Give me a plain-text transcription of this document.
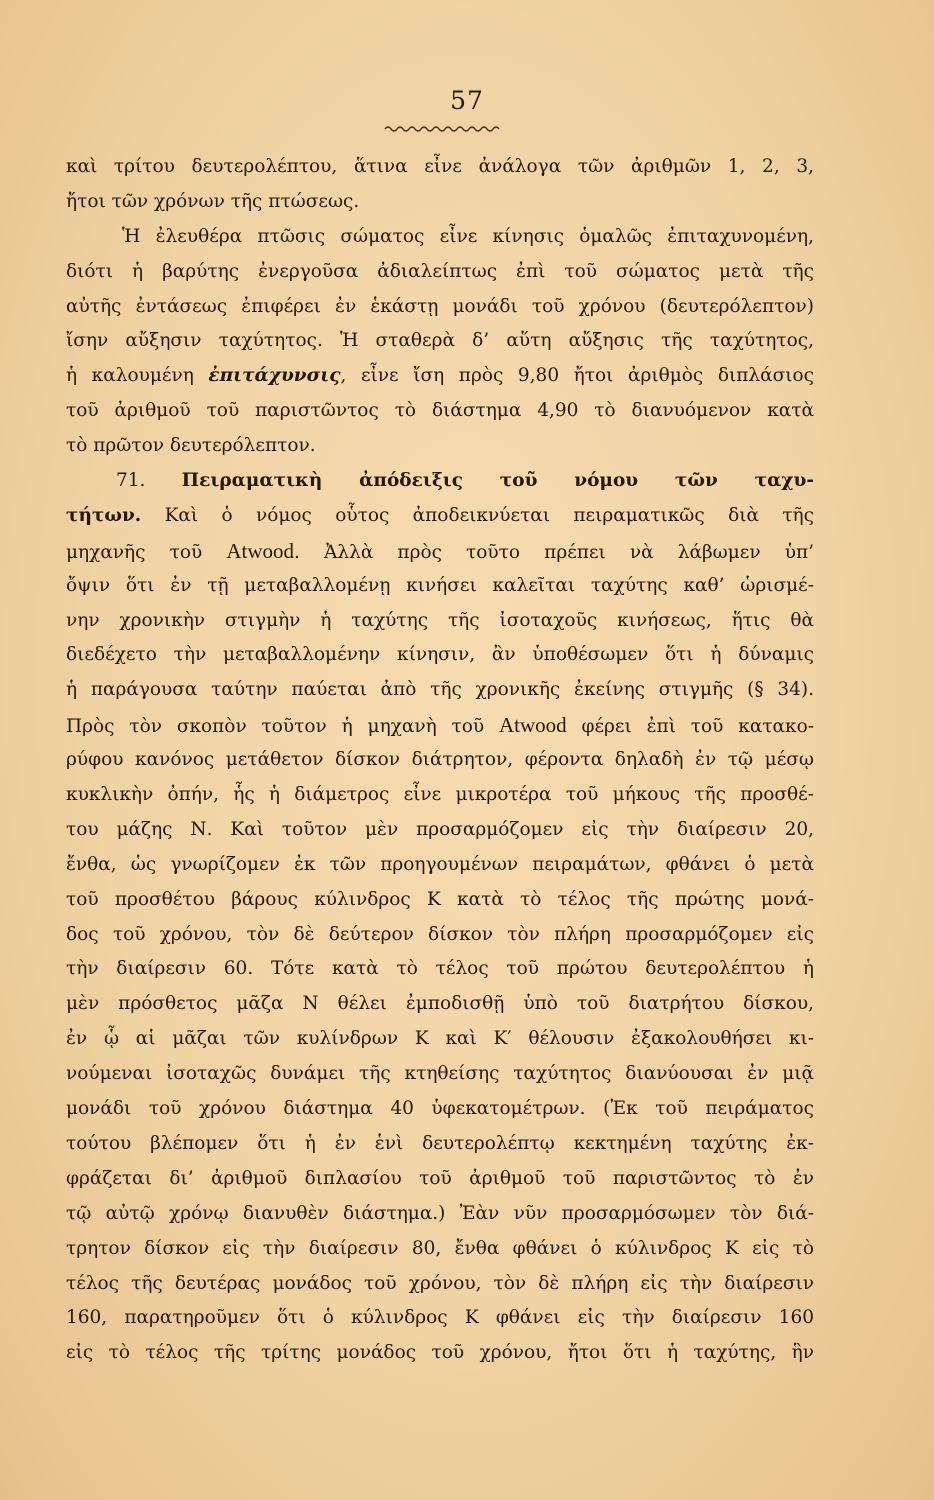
57
καὶ τρίτου δευτερολέπτου, ἅτινα εἶνε ἀνάλογα τῶν ἀριθμῶν 1, 2, 3,
ἤτοι τῶν χρόνων τῆς πτώσεως.
Ἡ ἐλευθέρα πτῶσις σώματος εἶνε κίνησις ὁμαλῶς ἐπιταχυνομένη,
διότι ἡ βαρύτης ἐνεργοῦσα ἀδιαλείπτως ἐπὶ τοῦ σώματος μετὰ τῆς
αὐτῆς ἐντάσεως ἐπιφέρει ἐν ἑκάστῃ μονάδι τοῦ χρόνου (δευτερόλεπτον)
ἴσην αὔξησιν ταχύτητος. Ἡ σταθερὰ δ’ αὕτη αὔξησις τῆς ταχύτητος,
ἡ καλουμένη ἐπιτάχυνσις, εἶνε ἴση πρὸς 9,80 ἤτοι ἀριθμὸς διπλάσιος
τοῦ ἀριθμοῦ τοῦ παριστῶντος τὸ διάστημα 4,90 τὸ διανυόμενον κατὰ
τὸ πρῶτον δευτερόλεπτον.
71. Πειραματικὴ ἀπόδειξις τοῦ νόμου τῶν ταχυ-
τήτων. Καὶ ὁ νόμος οὗτος ἀποδεικνύεται πειραματικῶς διὰ τῆς
μηχανῆς τοῦ Atwood. Ἀλλὰ πρὸς τοῦτο πρέπει νὰ λάβωμεν ὑπ’
ὄψιν ὅτι ἐν τῇ μεταβαλλομένῃ κινήσει καλεῖται ταχύτης καθ’ ὡρισμέ-
νην χρονικὴν στιγμὴν ἡ ταχύτης τῆς ἰσοταχοῦς κινήσεως, ἥτις θὰ
διεδέχετο τὴν μεταβαλλομένην κίνησιν, ἂν ὑποθέσωμεν ὅτι ἡ δύναμις
ἡ παράγουσα ταύτην παύεται ἀπὸ τῆς χρονικῆς ἐκείνης στιγμῆς (§ 34).
Πρὸς τὸν σκοπὸν τοῦτον ἡ μηχανὴ τοῦ Atwood φέρει ἐπὶ τοῦ κατακο-
ρύφου κανόνος μετάθετον δίσκον διάτρητον, φέροντα δηλαδὴ ἐν τῷ μέσῳ
κυκλικὴν ὀπήν, ἧς ἡ διάμετρος εἶνε μικροτέρα τοῦ μήκους τῆς προσθέ-
του μάζης Ν. Καὶ τοῦτον μὲν προσαρμόζομεν εἰς τὴν διαίρεσιν 20,
ἔνθα, ὡς γνωρίζομεν ἐκ τῶν προηγουμένων πειραμάτων, φθάνει ὁ μετὰ
τοῦ προσθέτου βάρους κύλινδρος Κ κατὰ τὸ τέλος τῆς πρώτης μονά-
δος τοῦ χρόνου, τὸν δὲ δεύτερον δίσκον τὸν πλήρη προσαρμόζομεν εἰς
τὴν διαίρεσιν 60. Τότε κατὰ τὸ τέλος τοῦ πρώτου δευτερολέπτου ἡ
μὲν πρόσθετος μᾶζα Ν θέλει ἐμποδισθῇ ὑπὸ τοῦ διατρήτου δίσκου,
ἐν ᾧ αἱ μᾶζαι τῶν κυλίνδρων Κ καὶ Κ′ θέλουσιν ἐξακολουθήσει κι-
νούμεναι ἰσοταχῶς δυνάμει τῆς κτηθείσης ταχύτητος διανύουσαι ἐν μιᾷ
μονάδι τοῦ χρόνου διάστημα 40 ὑφεκατομέτρων. (Ἐκ τοῦ πειράματος
τούτου βλέπομεν ὅτι ἡ ἐν ἑνὶ δευτερολέπτῳ κεκτημένη ταχύτης ἐκ-
φράζεται δι’ ἀριθμοῦ διπλασίου τοῦ ἀριθμοῦ τοῦ παριστῶντος τὸ ἐν
τῷ αὐτῷ χρόνῳ διανυθὲν διάστημα.) Ἐὰν νῦν προσαρμόσωμεν τὸν διά-
τρητον δίσκον εἰς τὴν διαίρεσιν 80, ἔνθα φθάνει ὁ κύλινδρος Κ εἰς τὸ
τέλος τῆς δευτέρας μονάδος τοῦ χρόνου, τὸν δὲ πλήρη εἰς τὴν διαίρεσιν
160, παρατηροῦμεν ὅτι ὁ κύλινδρος Κ φθάνει εἰς τὴν διαίρεσιν 160
εἰς τὸ τέλος τῆς τρίτης μονάδος τοῦ χρόνου, ἤτοι ὅτι ἡ ταχύτης, ἣν
